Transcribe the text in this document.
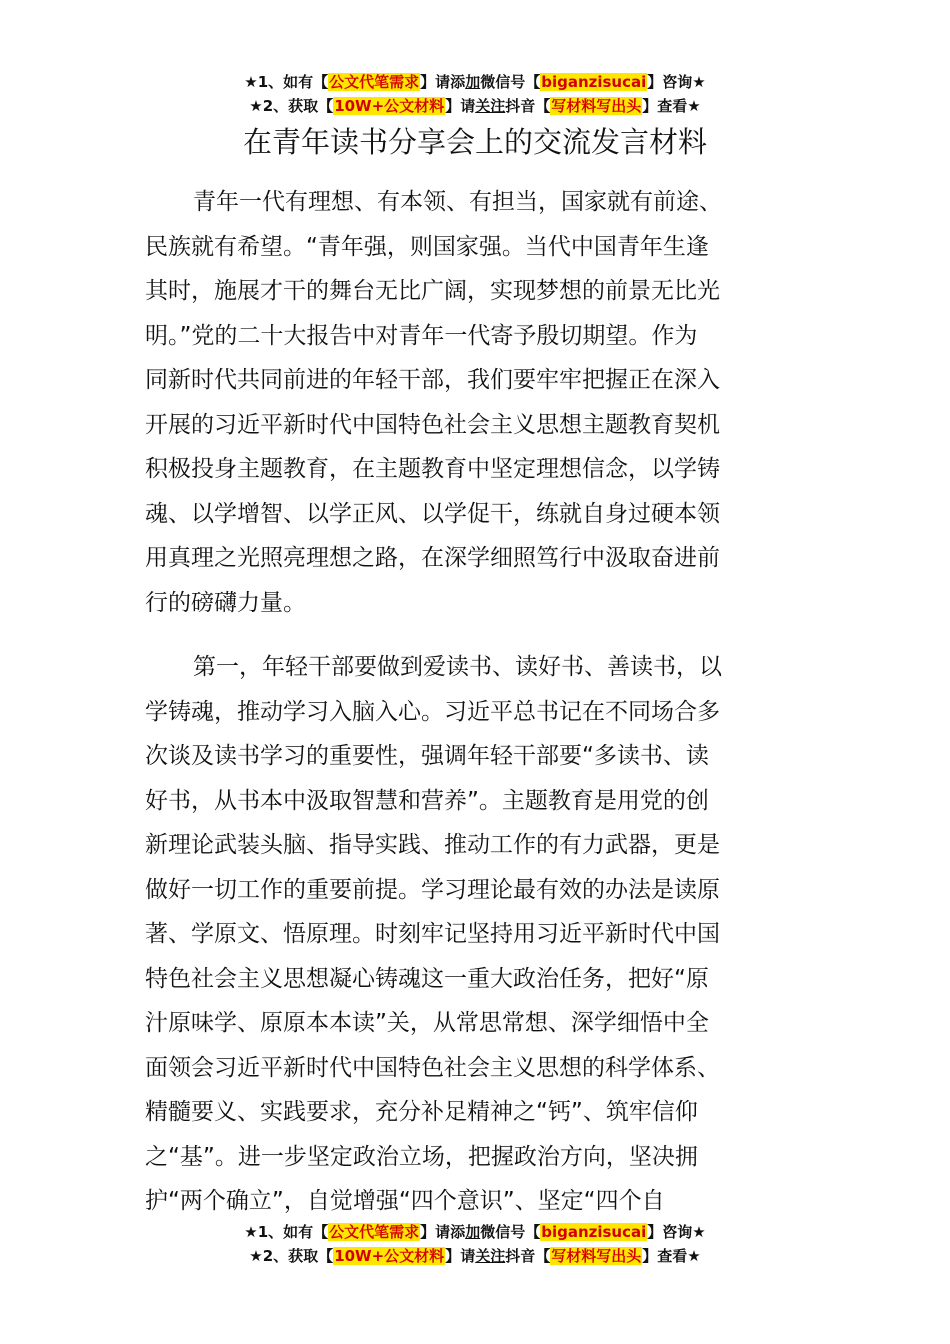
★1、如有【公文代笔需求】请添加微信号【biganzisucai】咨询★
★2、获取【10W+公文材料】请关注抖音【写材料写出头】查看★
在青年读书分享会上的交流发言材料
青年一代有理想、有本领、有担当，国家就有前途、
民族就有希望。“青年强，则国家强。当代中国青年生逢
其时，施展才干的舞台无比广阔，实现梦想的前景无比光
明。”党的二十大报告中对青年一代寄予殷切期望。作为
同新时代共同前进的年轻干部，我们要牢牢把握正在深入
开展的习近平新时代中国特色社会主义思想主题教育契机
积极投身主题教育，在主题教育中坚定理想信念，以学铸
魂、以学增智、以学正风、以学促干，练就自身过硬本领
用真理之光照亮理想之路，在深学细照笃行中汲取奋进前
行的磅礴力量。
第一，年轻干部要做到爱读书、读好书、善读书，以
学铸魂，推动学习入脑入心。习近平总书记在不同场合多
次谈及读书学习的重要性，强调年轻干部要“多读书、读
好书，从书本中汲取智慧和营养”。主题教育是用党的创
新理论武装头脑、指导实践、推动工作的有力武器，更是
做好一切工作的重要前提。学习理论最有效的办法是读原
著、学原文、悟原理。时刻牢记坚持用习近平新时代中国
特色社会主义思想凝心铸魂这一重大政治任务，把好“原
汁原味学、原原本本读”关，从常思常想、深学细悟中全
面领会习近平新时代中国特色社会主义思想的科学体系、
精髓要义、实践要求，充分补足精神之“钙”、筑牢信仰
之“基”。进一步坚定政治立场，把握政治方向，坚决拥
护“两个确立”，自觉增强“四个意识”、坚定“四个自
★1、如有【公文代笔需求】请添加微信号【biganzisucai】咨询★
★2、获取【10W+公文材料】请关注抖音【写材料写出头】查看★
